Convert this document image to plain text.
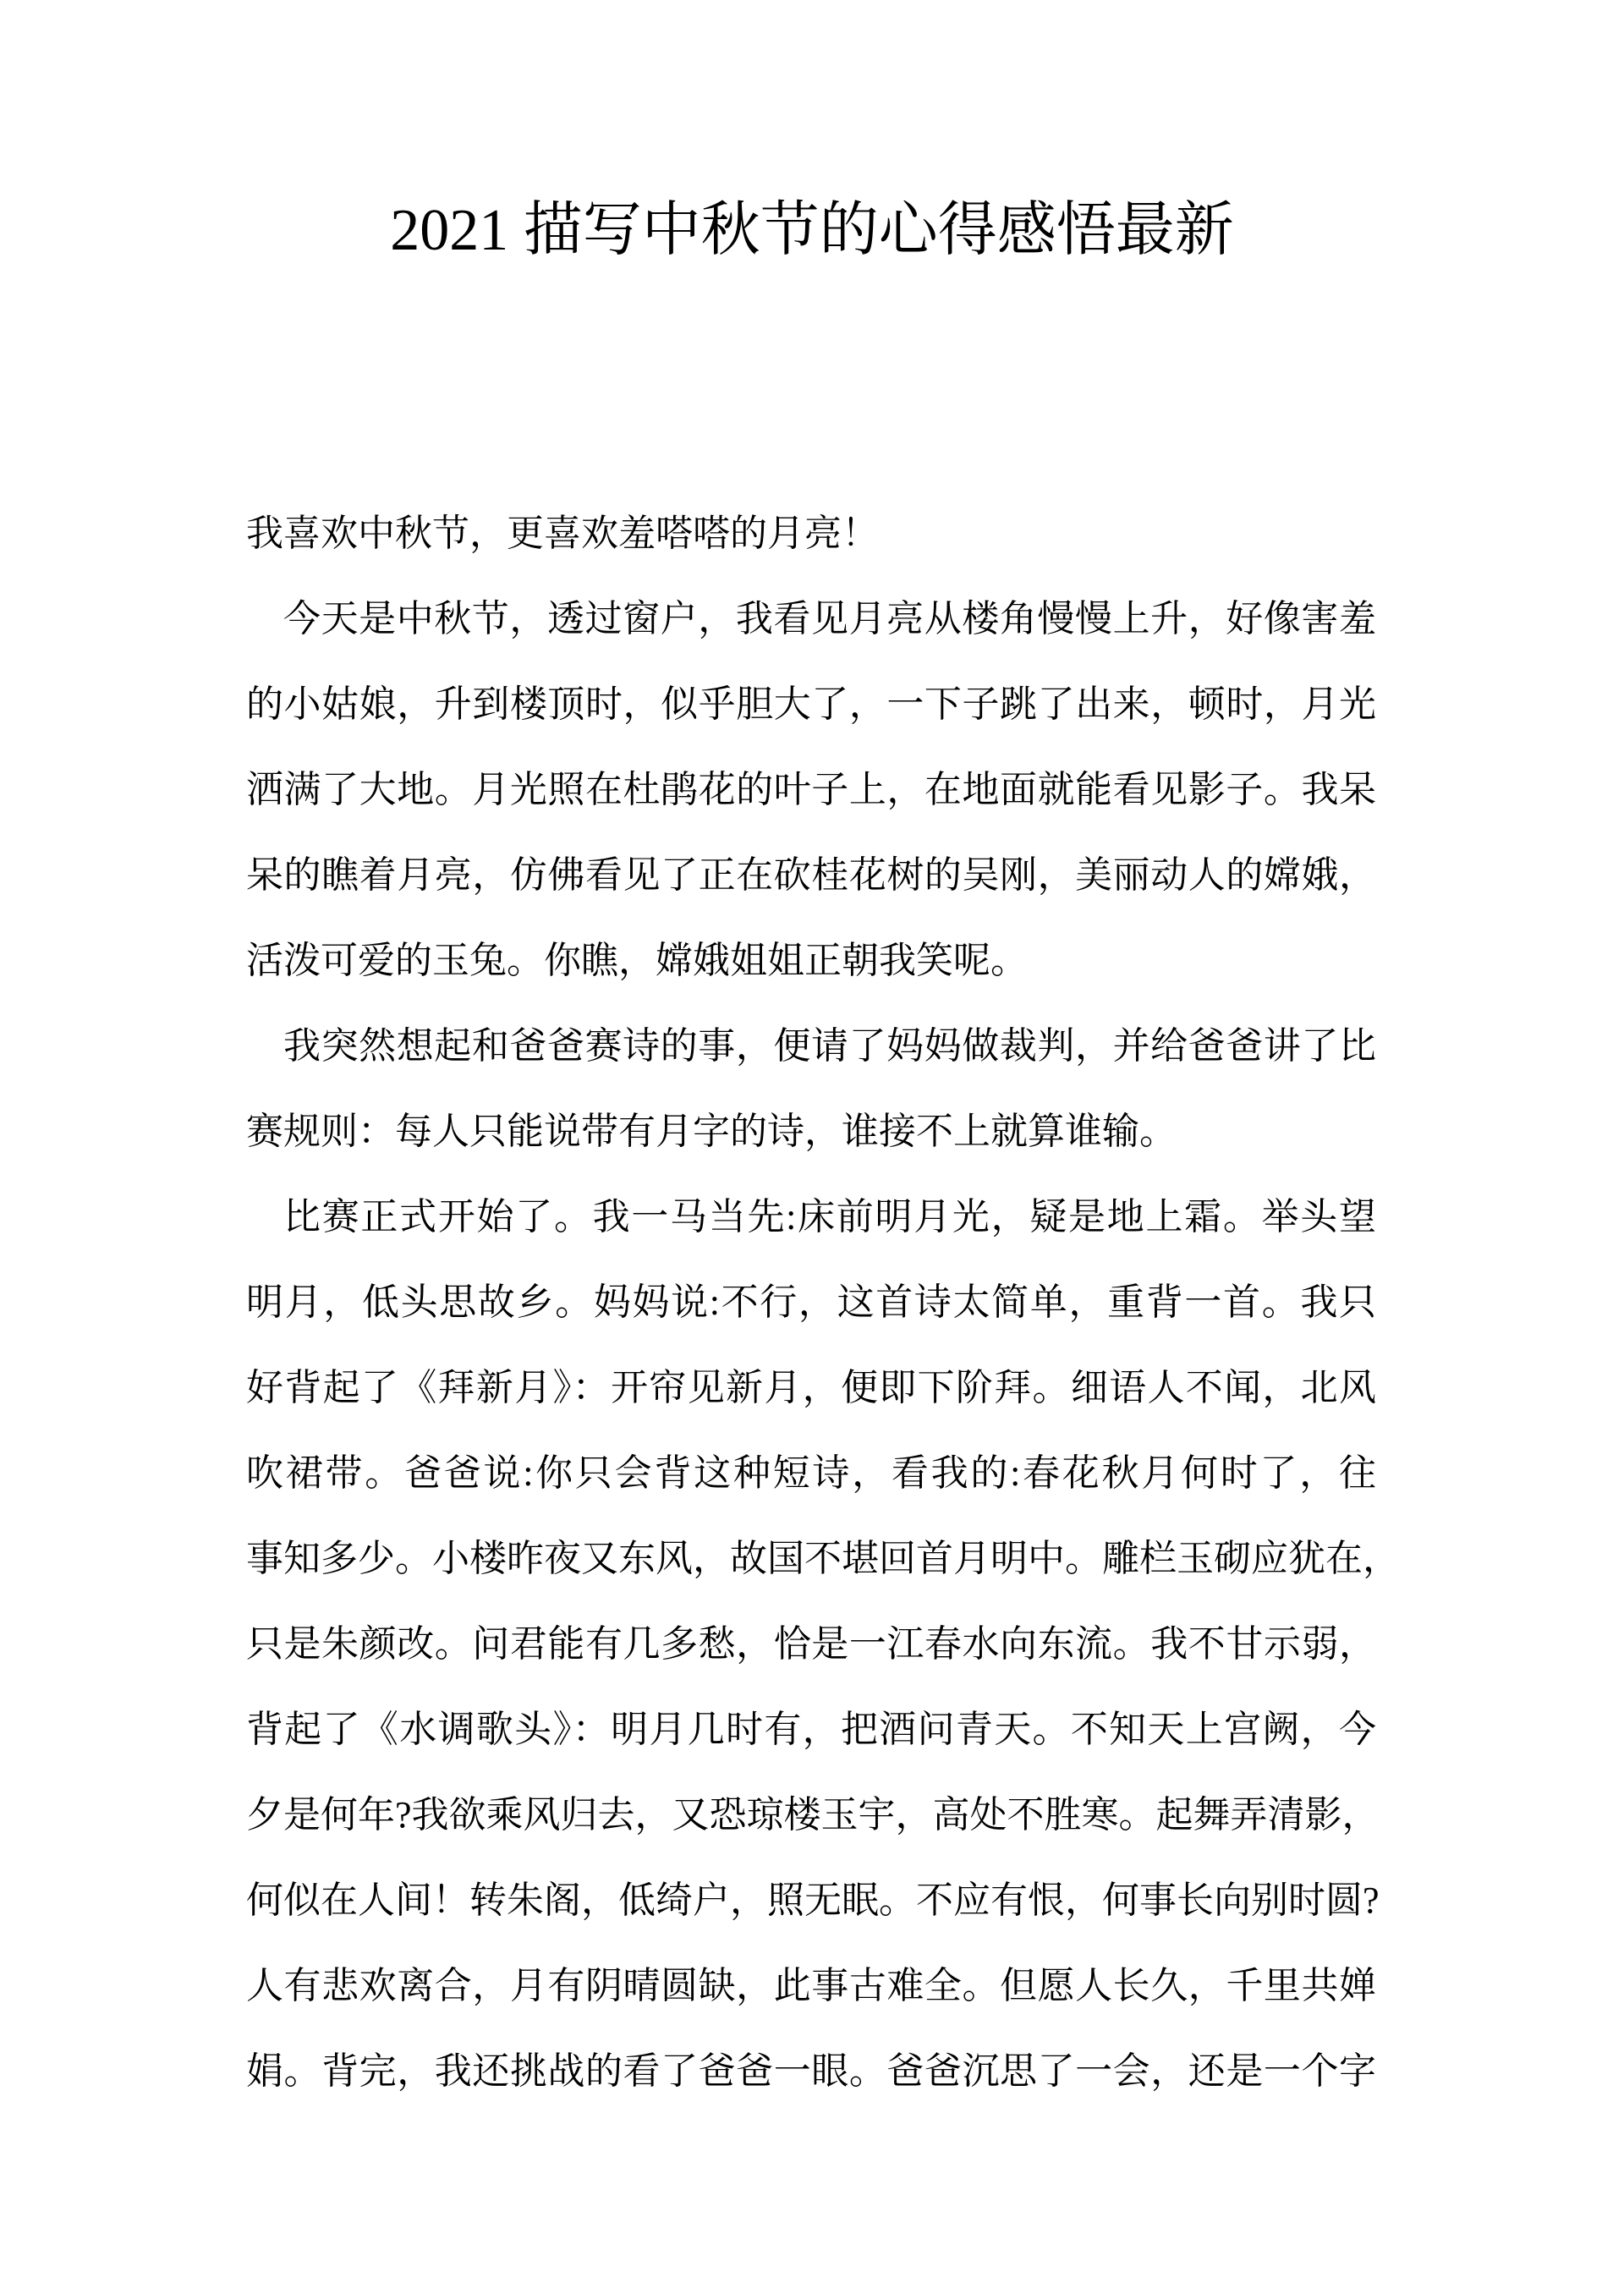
2021 描写中秋节的心得感悟最新
我喜欢中秋节，更喜欢羞嗒嗒的月亮！
今天是中秋节，透过窗户，我看见月亮从楼角慢慢上升，好像害羞
的小姑娘，升到楼顶时，似乎胆大了，一下子跳了出来，顿时，月光
洒满了大地。月光照在杜鹃花的叶子上，在地面就能看见影子。我呆
呆的瞧着月亮，仿佛看见了正在砍桂花树的吴刚，美丽动人的嫦娥，
活泼可爱的玉兔。你瞧，嫦娥姐姐正朝我笑呢。
我突然想起和爸爸赛诗的事，便请了妈妈做裁判，并给爸爸讲了比
赛规则：每人只能说带有月字的诗，谁接不上就算谁输。
比赛正式开始了。我一马当先:床前明月光，疑是地上霜。举头望
明月，低头思故乡。妈妈说:不行，这首诗太简单，重背一首。我只
好背起了《拜新月》：开帘见新月，便即下阶拜。细语人不闻，北风
吹裙带。爸爸说:你只会背这种短诗，看我的:春花秋月何时了，往
事知多少。小楼昨夜又东风，故国不堪回首月明中。雕栏玉砌应犹在，
只是朱颜改。问君能有几多愁，恰是一江春水向东流。我不甘示弱，
背起了《水调歌头》：明月几时有，把酒问青天。不知天上宫阙，今
夕是何年?我欲乘风归去，又恐琼楼玉宇，高处不胜寒。起舞弄清影，
何似在人间！转朱阁，低绮户，照无眠。不应有恨，何事长向别时圆?
人有悲欢离合，月有阴晴圆缺，此事古难全。但愿人长久，千里共婵
娟。背完，我还挑战的看了爸爸一眼。爸爸沉思了一会，还是一个字
